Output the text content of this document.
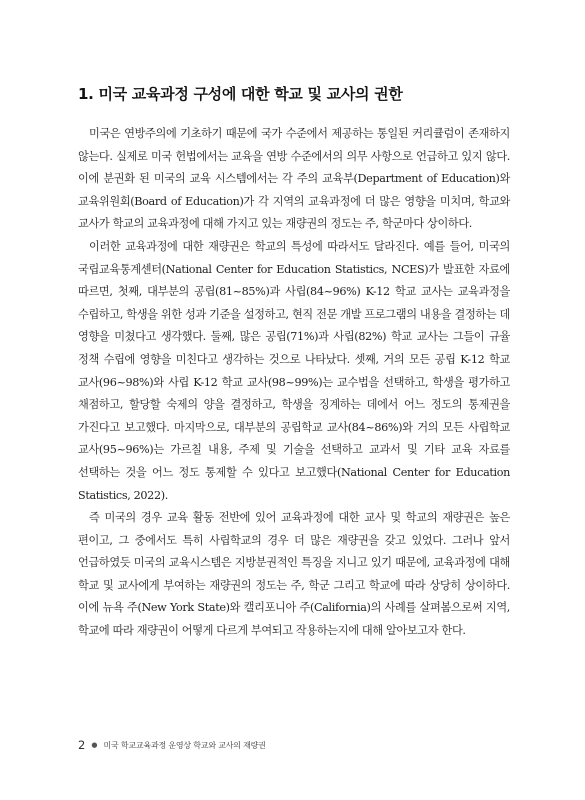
1. 미국 교육과정 구성에 대한 학교 및 교사의 권한

미국은 연방주의에 기초하기 때문에 국가 수준에서 제공하는 통일된 커리큘럼이 존재하지 않는다. 실제로 미국 헌법에서는 교육을 연방 수준에서의 의무 사항으로 언급하고 있지 않다. 이에 분권화 된 미국의 교육 시스템에서는 각 주의 교육부(Department of Education)와 교육위원회(Board of Education)가 각 지역의 교육과정에 더 많은 영향을 미치며, 학교와 교사가 학교의 교육과정에 대해 가지고 있는 재량권의 정도는 주, 학군마다 상이하다.

이러한 교육과정에 대한 재량권은 학교의 특성에 따라서도 달라진다. 예를 들어, 미국의 국립교육통계센터(National Center for Education Statistics, NCES)가 발표한 자료에 따르면, 첫째, 대부분의 공립(81~85%)과 사립(84~96%) K-12 학교 교사는 교육과정을 수립하고, 학생을 위한 성과 기준을 설정하고, 현직 전문 개발 프로그램의 내용을 결정하는 데 영향을 미쳤다고 생각했다. 둘째, 많은 공립(71%)과 사립(82%) 학교 교사는 그들이 규율 정책 수립에 영향을 미친다고 생각하는 것으로 나타났다. 셋째, 거의 모든 공립 K-12 학교 교사(96~98%)와 사립 K-12 학교 교사(98~99%)는 교수법을 선택하고, 학생을 평가하고 채점하고, 할당할 숙제의 양을 결정하고, 학생을 징계하는 데에서 어느 정도의 통제권을 가진다고 보고했다. 마지막으로, 대부분의 공립학교 교사(84~86%)와 거의 모든 사립학교 교사(95~96%)는 가르칠 내용, 주제 및 기술을 선택하고 교과서 및 기타 교육 자료를 선택하는 것을 어느 정도 통제할 수 있다고 보고했다(National Center for Education Statistics, 2022).

즉 미국의 경우 교육 활동 전반에 있어 교육과정에 대한 교사 및 학교의 재량권은 높은 편이고, 그 중에서도 특히 사립학교의 경우 더 많은 재량권을 갖고 있었다. 그러나 앞서 언급하였듯 미국의 교육시스템은 지방분권적인 특징을 지니고 있기 때문에, 교육과정에 대해 학교 및 교사에게 부여하는 재량권의 정도는 주, 학군 그리고 학교에 따라 상당히 상이하다. 이에 뉴욕 주(New York State)와 캘리포니아 주(California)의 사례를 살펴봄으로써 지역, 학교에 따라 재량권이 어떻게 다르게 부여되고 작용하는지에 대해 알아보고자 한다.

2 ● 미국 학교교육과정 운영상 학교와 교사의 재량권
